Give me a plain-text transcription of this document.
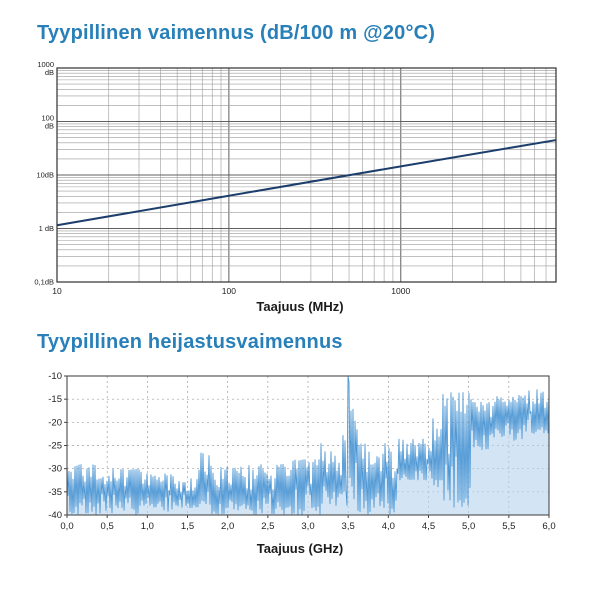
Tyypillinen vaimennus (dB/100 m @20°C)
1000
dB
100
dB
10dB
1 dB
0,1dB
10	100	1000
Taajuus (MHz)
Tyypillinen heijastusvaimennus
0,0	0,5	1,0	1,5	2,0	2,5	3,0	3,5	4,0	4,5	5,0	5,5	6,0
-10
-15
-20
-25
-30
-35
-40
Taajuus (GHz)
